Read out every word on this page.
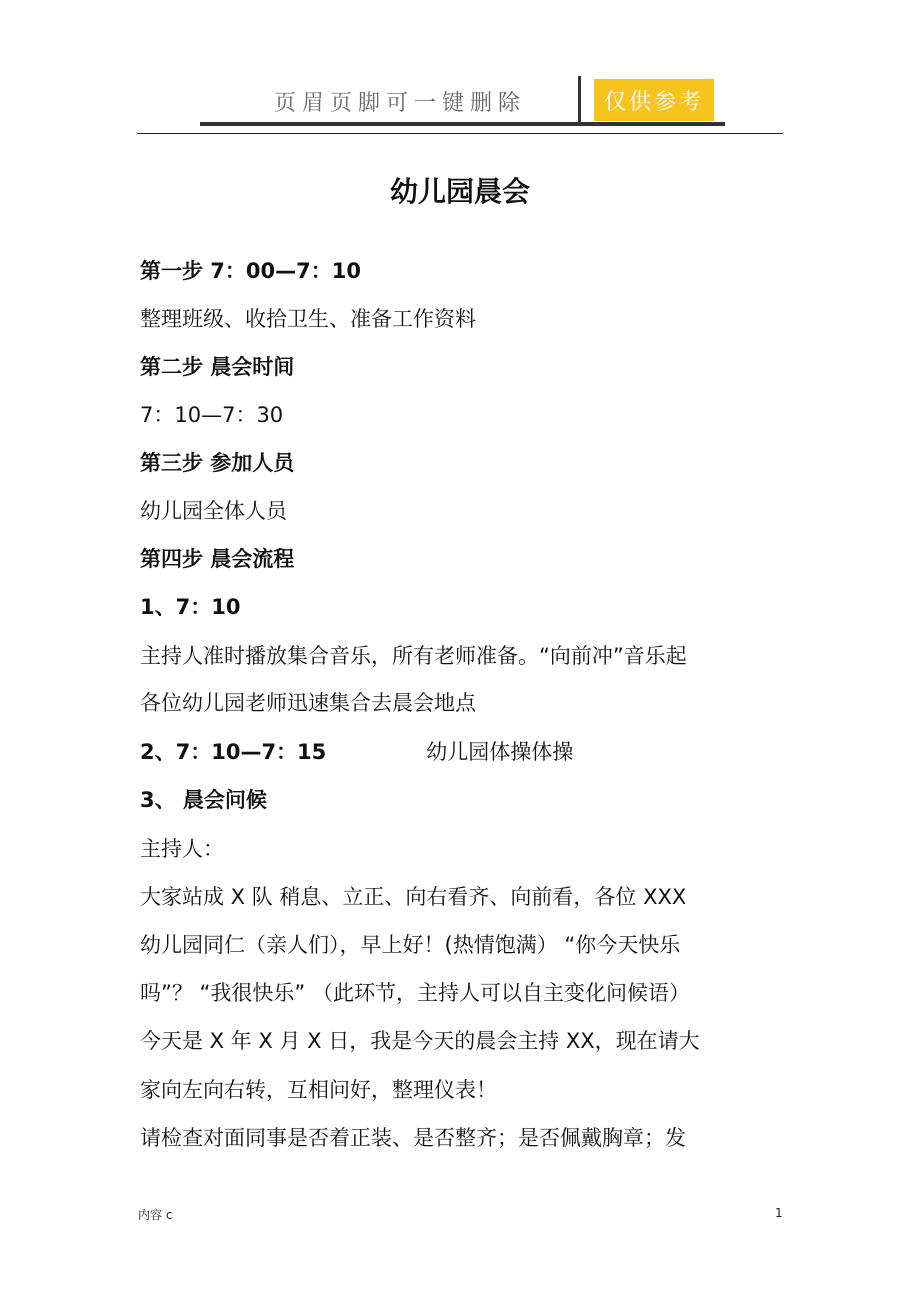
页眉页脚可一键删除	仅供参考
幼儿园晨会
第一步 7：00—7：10
整理班级、收拾卫生、准备工作资料
第二步 晨会时间
7：10—7：30
第三步 参加人员
幼儿园全体人员
第四步 晨会流程
1、7：10
主持人准时播放集合音乐，所有老师准备。“向前冲”音乐起
各位幼儿园老师迅速集合去晨会地点
2、7：10—7：15	幼儿园体操体操
3、 晨会问候
主持人：
大家站成 X 队 稍息、立正、向右看齐、向前看，各位 XXX
幼儿园同仁（亲人们），早上好！(热情饱满） “你今天快乐
吗”？ “我很快乐” （此环节，主持人可以自主变化问候语）
今天是 X 年 X 月 X 日，我是今天的晨会主持 XX，现在请大
家向左向右转，互相问好，整理仪表！
请检查对面同事是否着正装、是否整齐；是否佩戴胸章；发
内容 c	1
